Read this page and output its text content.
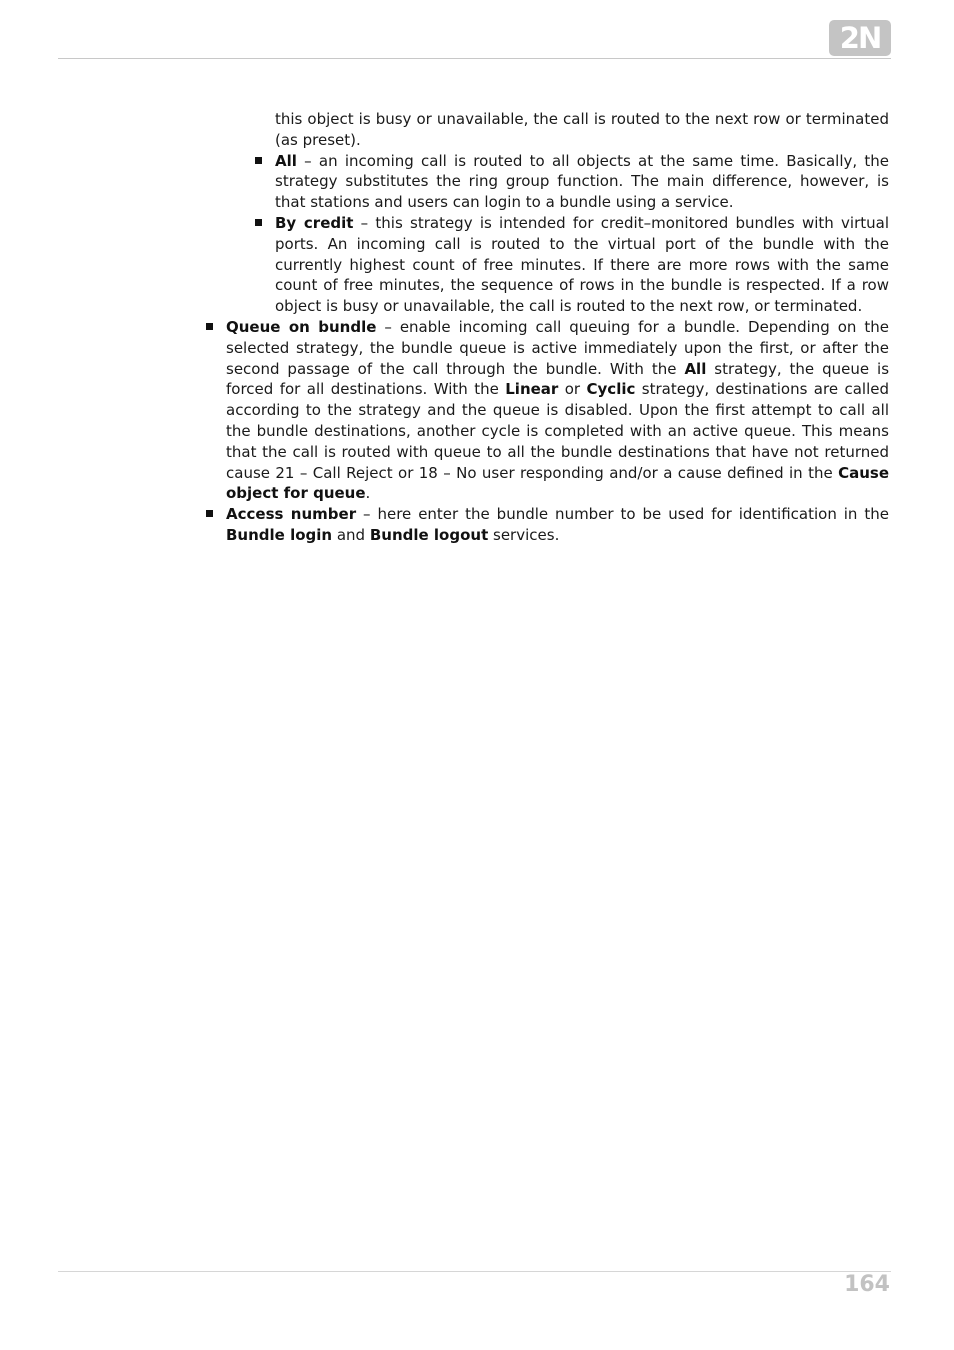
2N

this object is busy or unavailable, the call is routed to the next row or terminated (as preset).

All – an incoming call is routed to all objects at the same time. Basically, the strategy substitutes the ring group function. The main difference, however, is that stations and users can login to a bundle using a service.
By credit – this strategy is intended for credit–monitored bundles with virtual ports. An incoming call is routed to the virtual port of the bundle with the currently highest count of free minutes. If there are more rows with the same count of free minutes, the sequence of rows in the bundle is respected. If a row object is busy or unavailable, the call is routed to the next row, or terminated.
Queue on bundle – enable incoming call queuing for a bundle. Depending on the selected strategy, the bundle queue is active immediately upon the first, or after the second passage of the call through the bundle. With the All strategy, the queue is forced for all destinations. With the Linear or Cyclic strategy, destinations are called according to the strategy and the queue is disabled. Upon the first attempt to call all the bundle destinations, another cycle is completed with an active queue. This means that the call is routed with queue to all the bundle destinations that have not returned cause 21 – Call Reject or 18 – No user responding and/or a cause defined in the Cause object for queue.
Access number – here enter the bundle number to be used for identification in the Bundle login and Bundle logout services.
164
